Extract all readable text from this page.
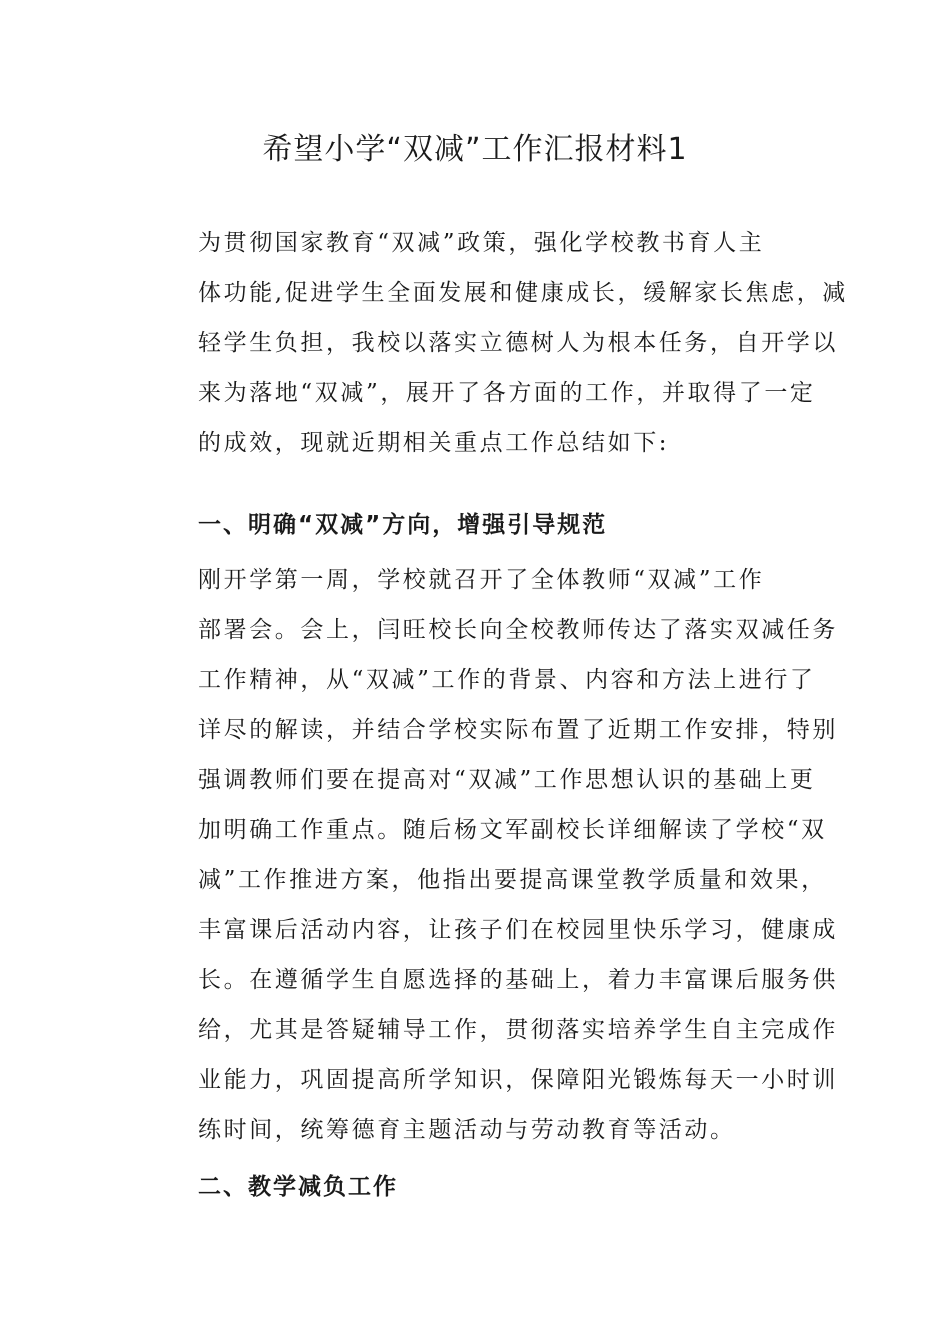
希望小学“双减”工作汇报材料1

为贯彻国家教育“双减”政策，强化学校教书育人主
体功能,促进学生全面发展和健康成长，缓解家长焦虑，减
轻学生负担，我校以落实立德树人为根本任务，自开学以
来为落地“双减”，展开了各方面的工作，并取得了一定
的成效，现就近期相关重点工作总结如下:

一、明确“双减”方向，增强引导规范

刚开学第一周，学校就召开了全体教师“双减”工作
部署会。会上，闫旺校长向全校教师传达了落实双减任务
工作精神，从“双减”工作的背景、内容和方法上进行了
详尽的解读，并结合学校实际布置了近期工作安排，特别
强调教师们要在提高对“双减”工作思想认识的基础上更
加明确工作重点。随后杨文军副校长详细解读了学校“双
减”工作推进方案，他指出要提高课堂教学质量和效果，
丰富课后活动内容，让孩子们在校园里快乐学习，健康成
长。在遵循学生自愿选择的基础上，着力丰富课后服务供
给，尤其是答疑辅导工作，贯彻落实培养学生自主完成作
业能力，巩固提高所学知识，保障阳光锻炼每天一小时训
练时间，统筹德育主题活动与劳动教育等活动。

二、教学减负工作
